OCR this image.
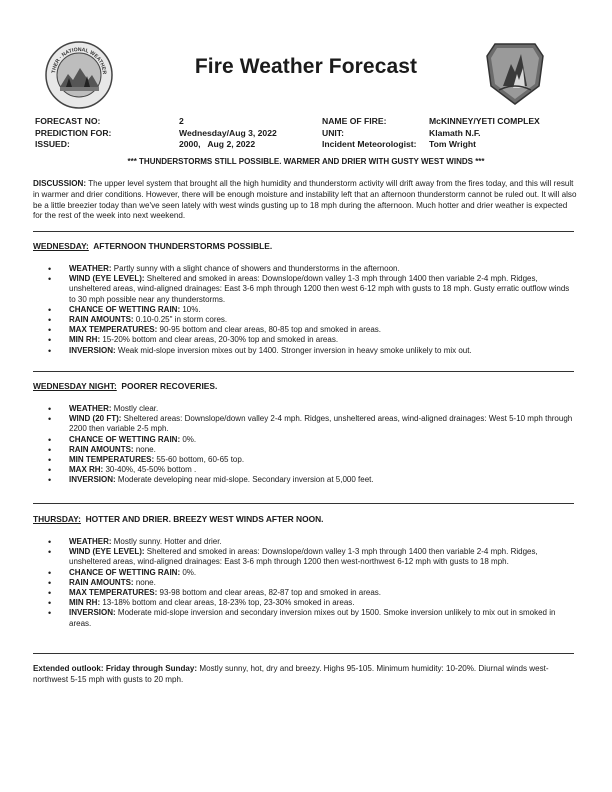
THER · NATIONAL WEATHER	Fire Weather Forecast
FORECAST NO:
PREDICTION FOR:
ISSUED:
2
Wednesday/Aug 3, 2022
2000,   Aug 2, 2022
NAME OF FIRE:
UNIT:
Incident Meteorologist:
McKINNEY/YETI COMPLEX
Klamath N.F.
Tom Wright
*** THUNDERSTORMS STILL POSSIBLE. WARMER AND DRIER WITH GUSTY WEST WINDS ***
DISCUSSION: The upper level system that brought all the high humidity and thunderstorm activity will drift away from the fires today, and this will result in warmer and drier conditions. However, there will be enough moisture and instability left that an afternoon thunderstorm cannot be ruled out. It will also be a little breezier today than we've seen lately with west winds gusting up to 18 mph during the afternoon. Much hotter and drier weather is expected for the rest of the week into next weekend.
WEDNESDAY: AFTERNOON THUNDERSTORMS POSSIBLE.
• WEATHER: Partly sunny with a slight chance of showers and thunderstorms in the afternoon.
• WIND (EYE LEVEL): Sheltered and smoked in areas: Downslope/down valley 1-3 mph through 1400 then variable 2-4 mph. Ridges, unsheltered areas, wind-aligned drainages: East 3-6 mph through 1200 then west 6-12 mph with gusts to 18 mph. Gusty erratic outflow winds to 30 mph possible near any thunderstorms.
• CHANCE OF WETTING RAIN: 10%.
• RAIN AMOUNTS: 0.10-0.25" in storm cores.
• MAX TEMPERATURES: 90-95 bottom and clear areas, 80-85 top and smoked in areas.
• MIN RH: 15-20% bottom and clear areas, 20-30% top and smoked in areas.
• INVERSION: Weak mid-slope inversion mixes out by 1400. Stronger inversion in heavy smoke unlikely to mix out.
WEDNESDAY NIGHT: POORER RECOVERIES.
• WEATHER: Mostly clear.
• WIND (20 FT): Sheltered areas: Downslope/down valley 2-4 mph. Ridges, unsheltered areas, wind-aligned drainages: West 5-10 mph through 2200 then variable 2-5 mph.
• CHANCE OF WETTING RAIN: 0%.
• RAIN AMOUNTS: none.
• MIN TEMPERATURES: 55-60 bottom, 60-65 top.
• MAX RH: 30-40%, 45-50% bottom .
• INVERSION: Moderate developing near mid-slope. Secondary inversion at 5,000 feet.
THURSDAY: HOTTER AND DRIER. BREEZY WEST WINDS AFTER NOON.
• WEATHER: Mostly sunny. Hotter and drier.
• WIND (EYE LEVEL): Sheltered and smoked in areas: Downslope/down valley 1-3 mph through 1400 then variable 2-4 mph. Ridges, unsheltered areas, wind-aligned drainages: East 3-6 mph through 1200 then west-northwest 6-12 mph with gusts to 18 mph.
• CHANCE OF WETTING RAIN: 0%.
• RAIN AMOUNTS: none.
• MAX TEMPERATURES: 93-98 bottom and clear areas, 82-87 top and smoked in areas.
• MIN RH: 13-18% bottom and clear areas, 18-23% top, 23-30% smoked in areas.
• INVERSION: Moderate mid-slope inversion and secondary inversion mixes out by 1500. Smoke inversion unlikely to mix out in smoked in areas.
Extended outlook: Friday through Sunday: Mostly sunny, hot, dry and breezy. Highs 95-105. Minimum humidity: 10-20%. Diurnal winds west-northwest 5-15 mph with gusts to 20 mph.
